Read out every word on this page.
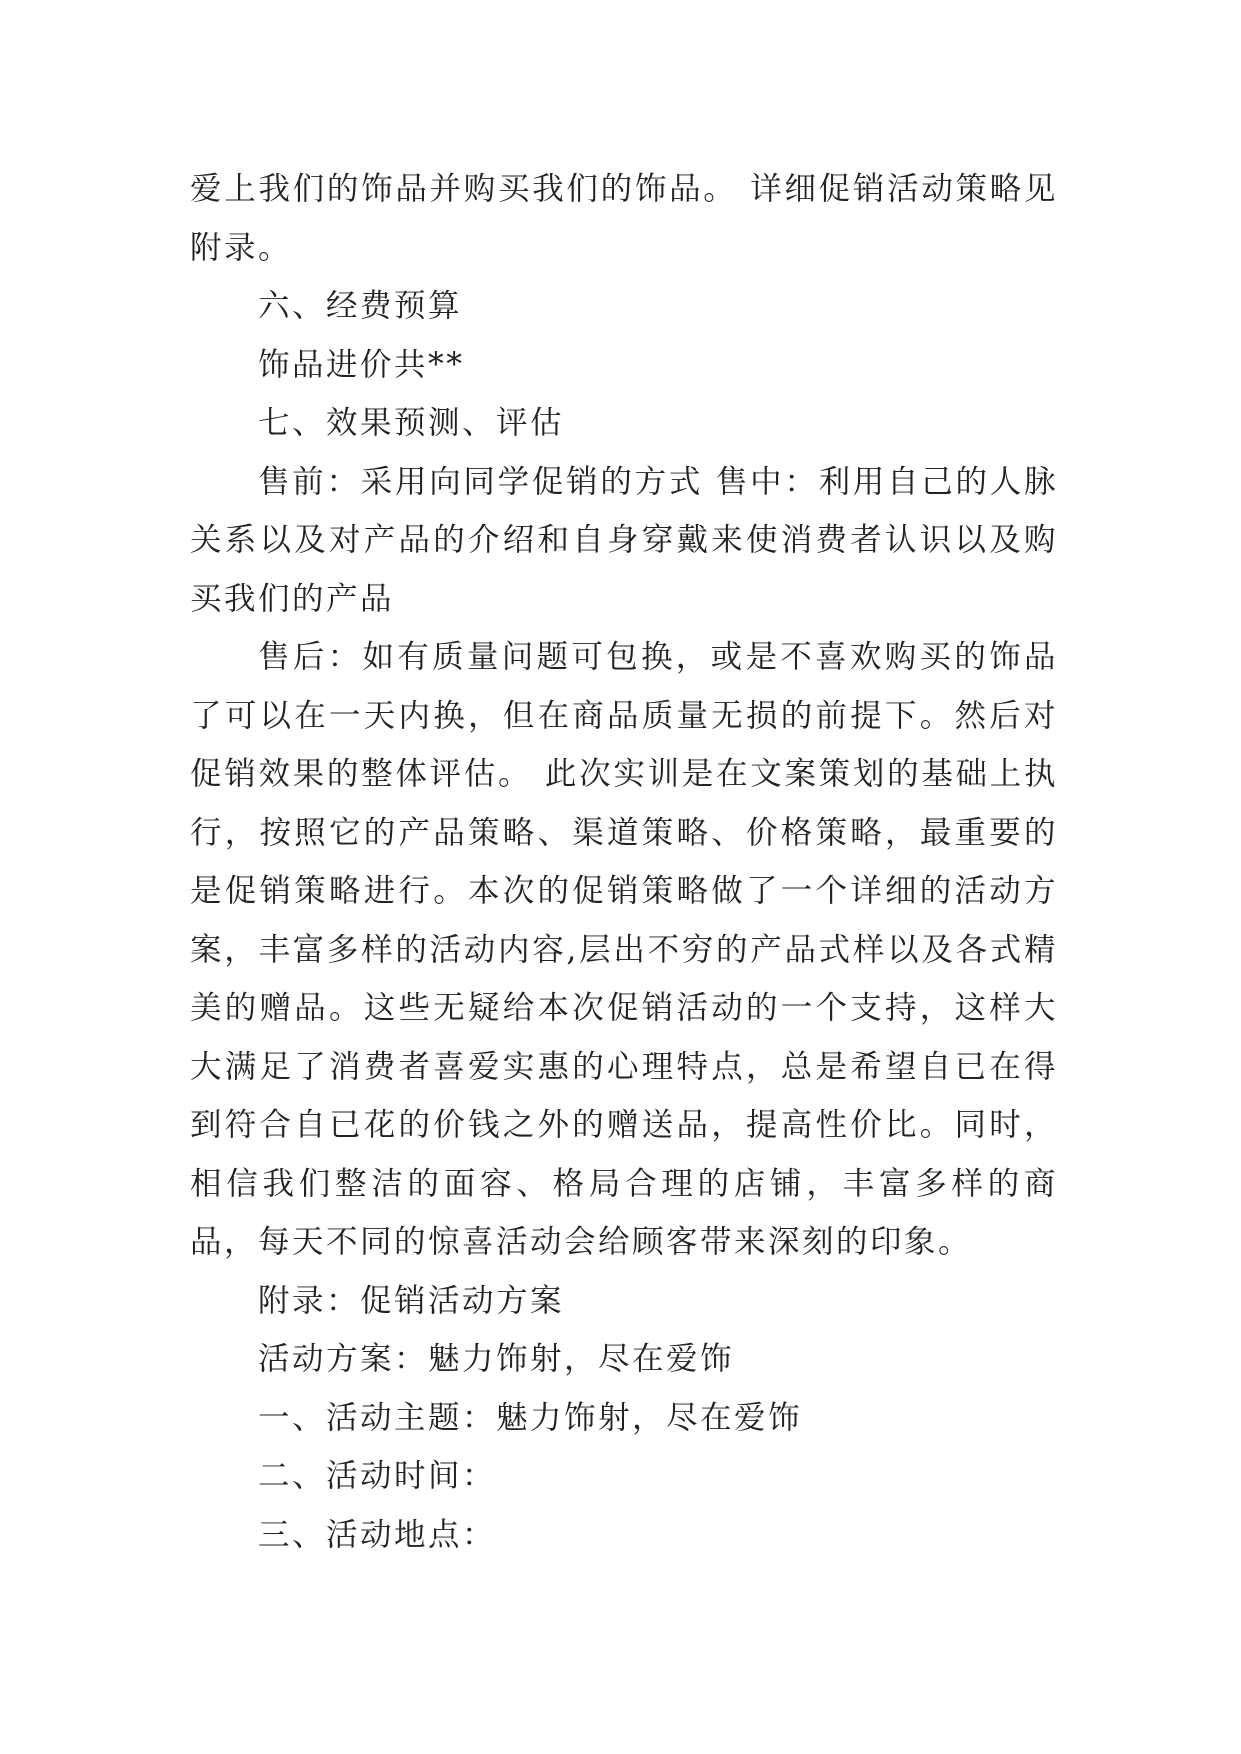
爱上我们的饰品并购买我们的饰品。 详细促销活动策略见附录。

六、经费预算

饰品进价共**

七、效果预测、评估

售前：采用向同学促销的方式 售中：利用自己的人脉关系以及对产品的介绍和自身穿戴来使消费者认识以及购买我们的产品

售后：如有质量问题可包换，或是不喜欢购买的饰品了可以在一天内换，但在商品质量无损的前提下。然后对促销效果的整体评估。 此次实训是在文案策划的基础上执行，按照它的产品策略、渠道策略、价格策略，最重要的是促销策略进行。本次的促销策略做了一个详细的活动方案，丰富多样的活动内容,层出不穷的产品式样以及各式精美的赠品。这些无疑给本次促销活动的一个支持，这样大大满足了消费者喜爱实惠的心理特点，总是希望自已在得到符合自已花的价钱之外的赠送品，提高性价比。同时，相信我们整洁的面容、格局合理的店铺，丰富多样的商品，每天不同的惊喜活动会给顾客带来深刻的印象。

附录：促销活动方案

活动方案：魅力饰射，尽在爱饰

一、活动主题：魅力饰射，尽在爱饰

二、活动时间：

三、活动地点：
